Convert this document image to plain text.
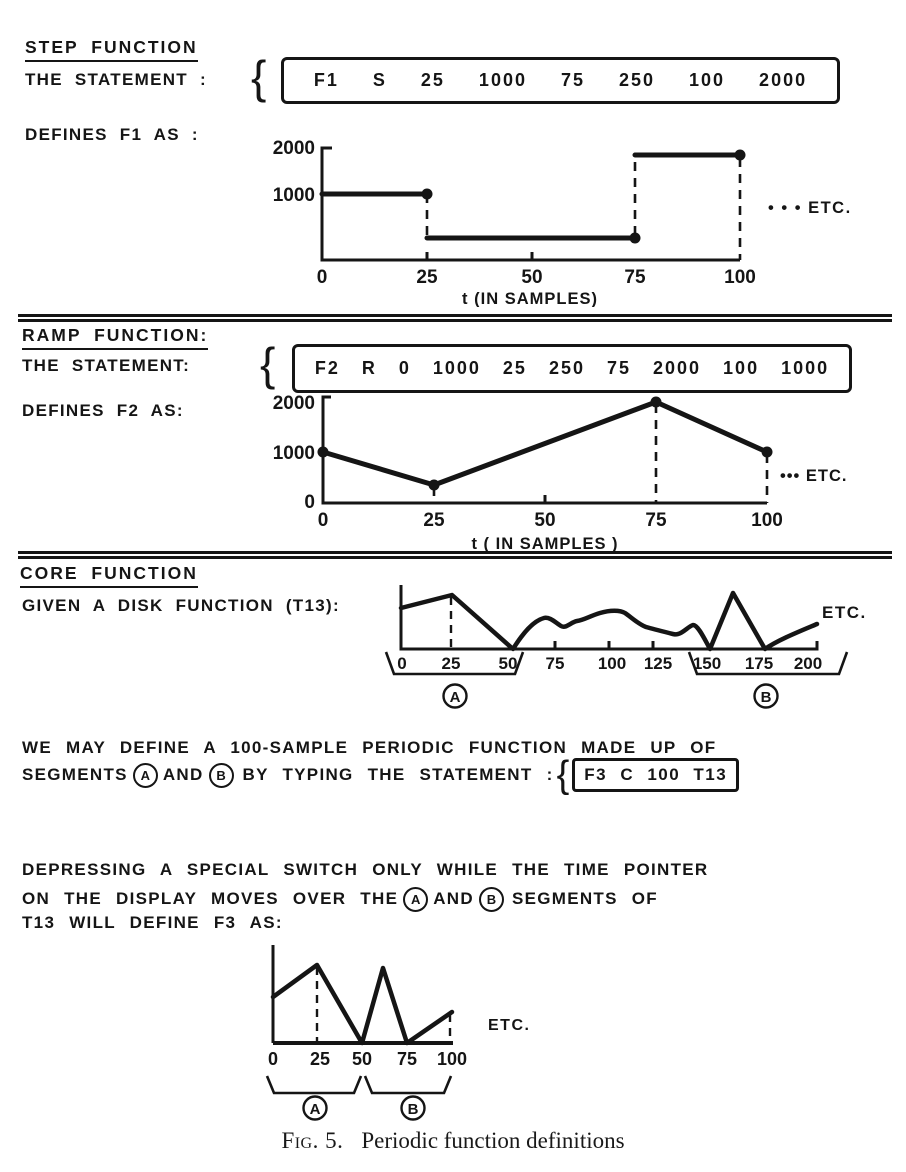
STEP FUNCTION
THE STATEMENT : {	F1 S 25 1000 75 250 100 2000
DEFINES F1 AS :
2000
1000
0	25	50	75	100
t (IN SAMPLES)
• • • ETC.
RAMP FUNCTION:
THE STATEMENT: {	F2 R 0 1000 25 250 75 2000 100 1000
DEFINES F2 AS:	2000
1000
0
0	25	50	75	100
t ( IN SAMPLES )
••• ETC.
CORE FUNCTION
GIVEN A DISK FUNCTION (T13):
0 25 50 75 100 125 150 175 200
A	B
ETC.
WE MAY DEFINE A 100-SAMPLE PERIODIC FUNCTION MADE UP OF
SEGMENTS A AND B BY TYPING THE STATEMENT : { F3 C 100 T13
DEPRESSING A SPECIAL SWITCH ONLY WHILE THE TIME POINTER
ON THE DISPLAY MOVES OVER THE A AND B SEGMENTS OF
T13 WILL DEFINE F3 AS:
0 25 50 75 100
A	B
ETC.
Fig. 5. Periodic function definitions
